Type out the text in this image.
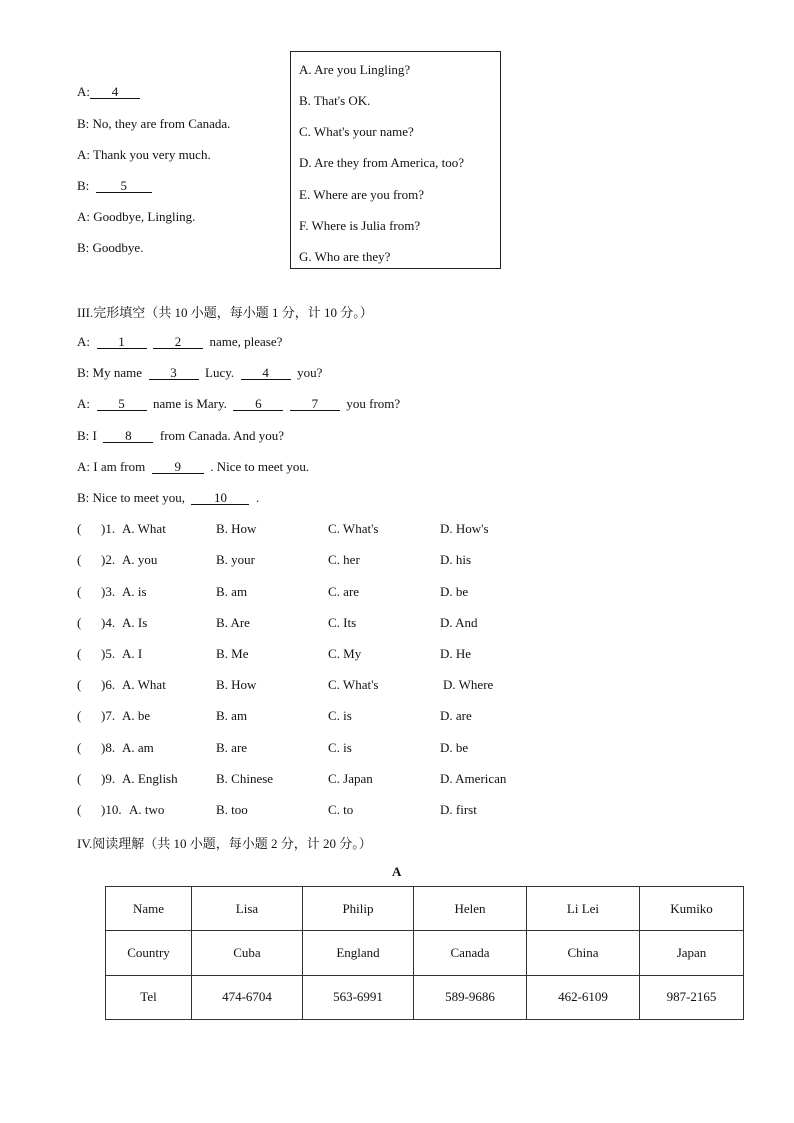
A: 4
B: No, they are from Canada.
A: Thank you very much.
B: 5
A: Goodbye, Lingling.
B: Goodbye.
A. Are you Lingling?
B. That's OK.
C. What's your name?
D. Are they from America, too?
E. Where are you from?
F. Where is Julia from?
G. Who are they?
III.完形填空（共 10 小题，每小题 1 分，计 10 分。）
A: 1	2 name, please?
B: My name 3 Lucy. 4 you?
A: 5 name is Mary. 6	7 you from?
B: I 8 from Canada. And you?
A: I am from 9 . Nice to meet you.
B: Nice to meet you, 10 .
( )1. A. What	B. How	C. What's	D. How's
( )2. A. you	B. your	C. her	D. his
( )3. A. is	B. am	C. are	D. be
( )4. A. Is	B. Are	C. Its	D. And
( )5. A. I	B. Me	C. My	D. He
( )6. A. What	B. How	C. What's	D. Where
( )7. A. be	B. am	C. is	D. are
( )8. A. am	B. are	C. is	D. be
( )9. A. English	B. Chinese	C. Japan	D. American
( )10. A. two	B. too	C. to	D. first
IV.阅读理解（共 10 小题，每小题 2 分，计 20 分。）
A
Name	Lisa	Philip	Helen	Li Lei	Kumiko
Country	Cuba	England	Canada	China	Japan
Tel	474-6704	563-6991	589-9686	462-6109	987-2165
